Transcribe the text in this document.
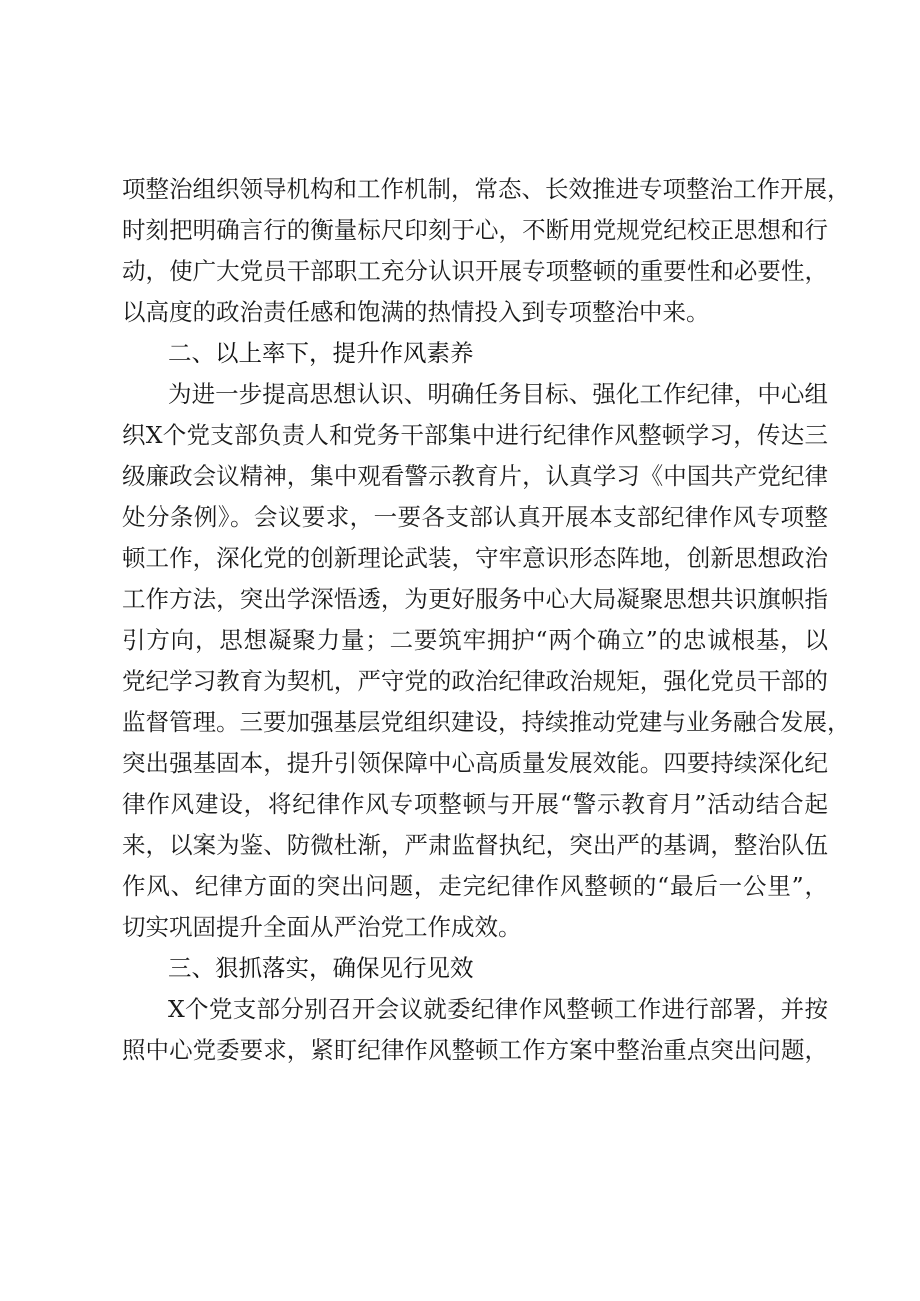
项整治组织领导机构和工作机制，常态、长效推进专项整治工作开展，
时刻把明确言行的衡量标尺印刻于心，不断用党规党纪校正思想和行
动，使广大党员干部职工充分认识开展专项整顿的重要性和必要性，
以高度的政治责任感和饱满的热情投入到专项整治中来。
二、以上率下，提升作风素养
为进一步提高思想认识、明确任务目标、强化工作纪律，中心组
织X个党支部负责人和党务干部集中进行纪律作风整顿学习，传达三
级廉政会议精神，集中观看警示教育片，认真学习《中国共产党纪律
处分条例》。会议要求，一要各支部认真开展本支部纪律作风专项整
顿工作，深化党的创新理论武装，守牢意识形态阵地，创新思想政治
工作方法，突出学深悟透，为更好服务中心大局凝聚思想共识旗帜指
引方向，思想凝聚力量；二要筑牢拥护“两个确立”的忠诚根基，以
党纪学习教育为契机，严守党的政治纪律政治规矩，强化党员干部的
监督管理。三要加强基层党组织建设，持续推动党建与业务融合发展，
突出强基固本，提升引领保障中心高质量发展效能。四要持续深化纪
律作风建设，将纪律作风专项整顿与开展“警示教育月”活动结合起
来，以案为鉴、防微杜渐，严肃监督执纪，突出严的基调，整治队伍
作风、纪律方面的突出问题，走完纪律作风整顿的“最后一公里”，
切实巩固提升全面从严治党工作成效。
三、狠抓落实，确保见行见效
X个党支部分别召开会议就委纪律作风整顿工作进行部署，并按
照中心党委要求，紧盯纪律作风整顿工作方案中整治重点突出问题，
